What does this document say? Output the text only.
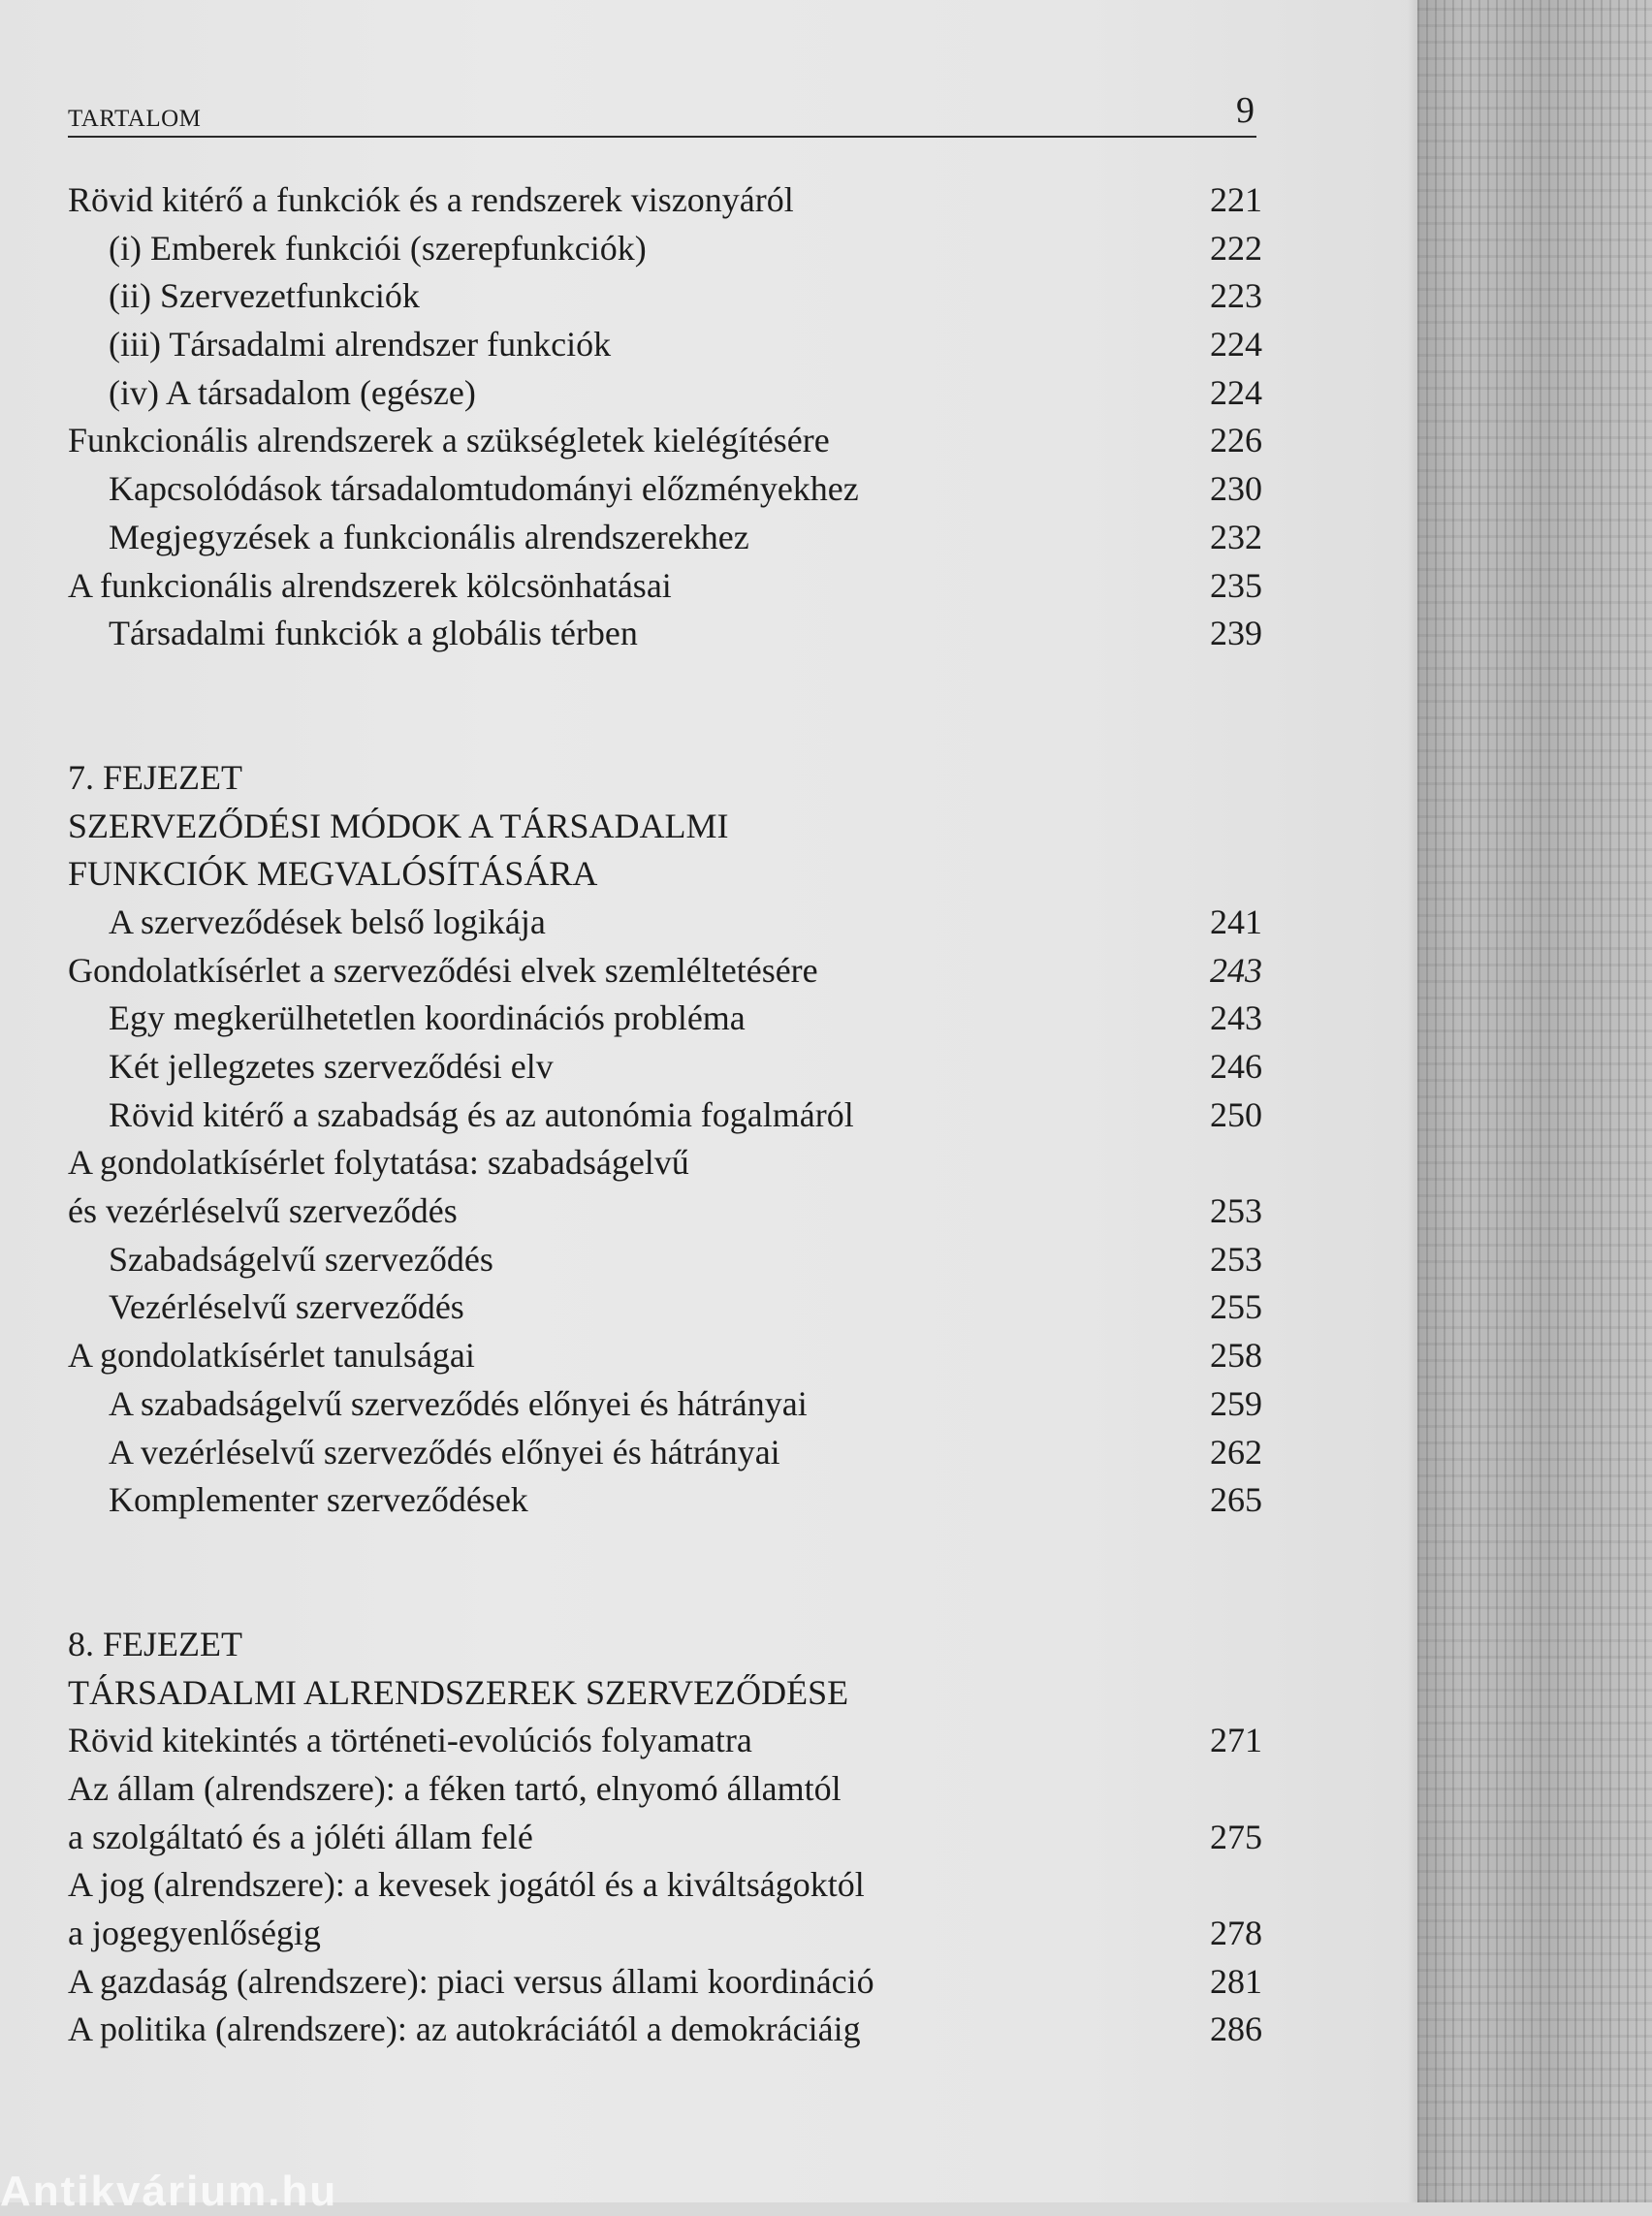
TARTALOM	9
Rövid kitérő a funkciók és a rendszerek viszonyáról	221
(i) Emberek funkciói (szerepfunkciók)	222
(ii) Szervezetfunkciók	223
(iii) Társadalmi alrendszer funkciók	224
(iv) A társadalom (egésze)	224
Funkcionális alrendszerek a szükségletek kielégítésére	226
Kapcsolódások társadalomtudományi előzményekhez	230
Megjegyzések a funkcionális alrendszerekhez	232
A funkcionális alrendszerek kölcsönhatásai	235
Társadalmi funkciók a globális térben	239
7. FEJEZET
SZERVEZŐDÉSI MÓDOK A TÁRSADALMI
FUNKCIÓK MEGVALÓSÍTÁSÁRA
A szerveződések belső logikája	241
Gondolatkísérlet a szerveződési elvek szemléltetésére	243
Egy megkerülhetetlen koordinációs probléma	243
Két jellegzetes szerveződési elv	246
Rövid kitérő a szabadság és az autonómia fogalmáról	250
A gondolatkísérlet folytatása: szabadságelvű
és vezérléselvű szerveződés	253
Szabadságelvű szerveződés	253
Vezérléselvű szerveződés	255
A gondolatkísérlet tanulságai	258
A szabadságelvű szerveződés előnyei és hátrányai	259
A vezérléselvű szerveződés előnyei és hátrányai	262
Komplementer szerveződések	265
8. FEJEZET
TÁRSADALMI ALRENDSZEREK SZERVEZŐDÉSE
Rövid kitekintés a történeti-evolúciós folyamatra	271
Az állam (alrendszere): a féken tartó, elnyomó államtól
a szolgáltató és a jóléti állam felé	275
A jog (alrendszere): a kevesek jogától és a kiváltságoktól
a jogegyenlőségig	278
A gazdaság (alrendszere): piaci versus állami koordináció	281
A politika (alrendszere): az autokráciától a demokráciáig	286
Antikvárium.hu
